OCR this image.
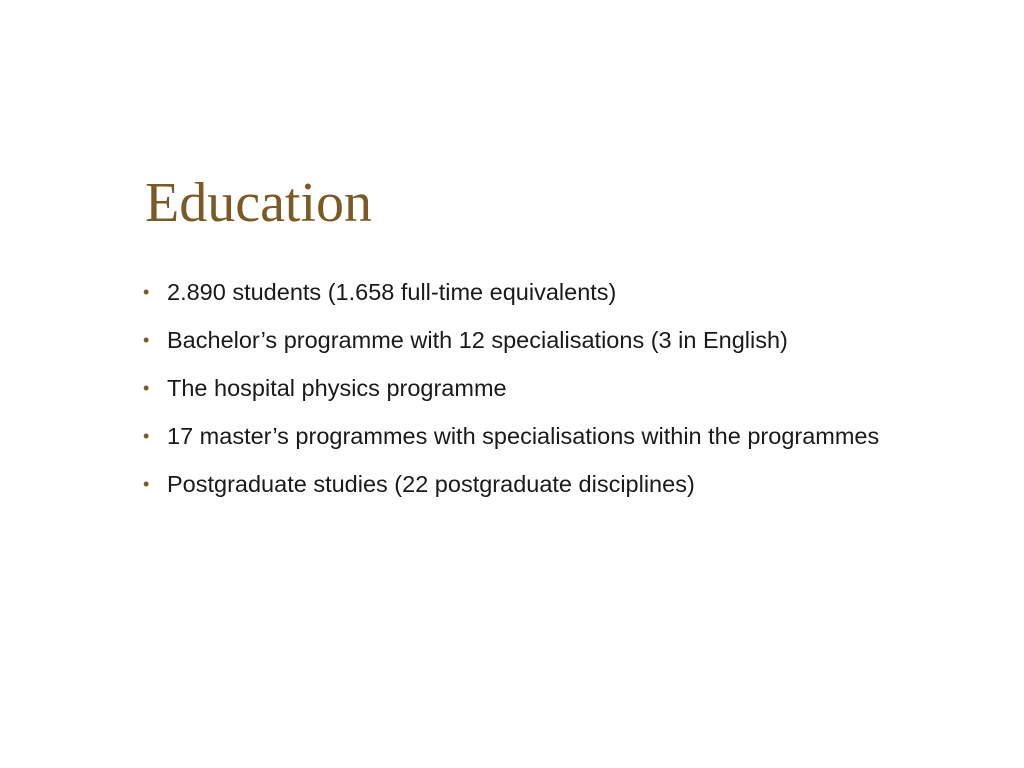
Education
• 2.890 students (1.658 full-time equivalents)
• Bachelor’s programme with 12 specialisations (3 in English)
• The hospital physics programme
• 17 master’s programmes with specialisations within the programmes
• Postgraduate studies (22 postgraduate disciplines)
